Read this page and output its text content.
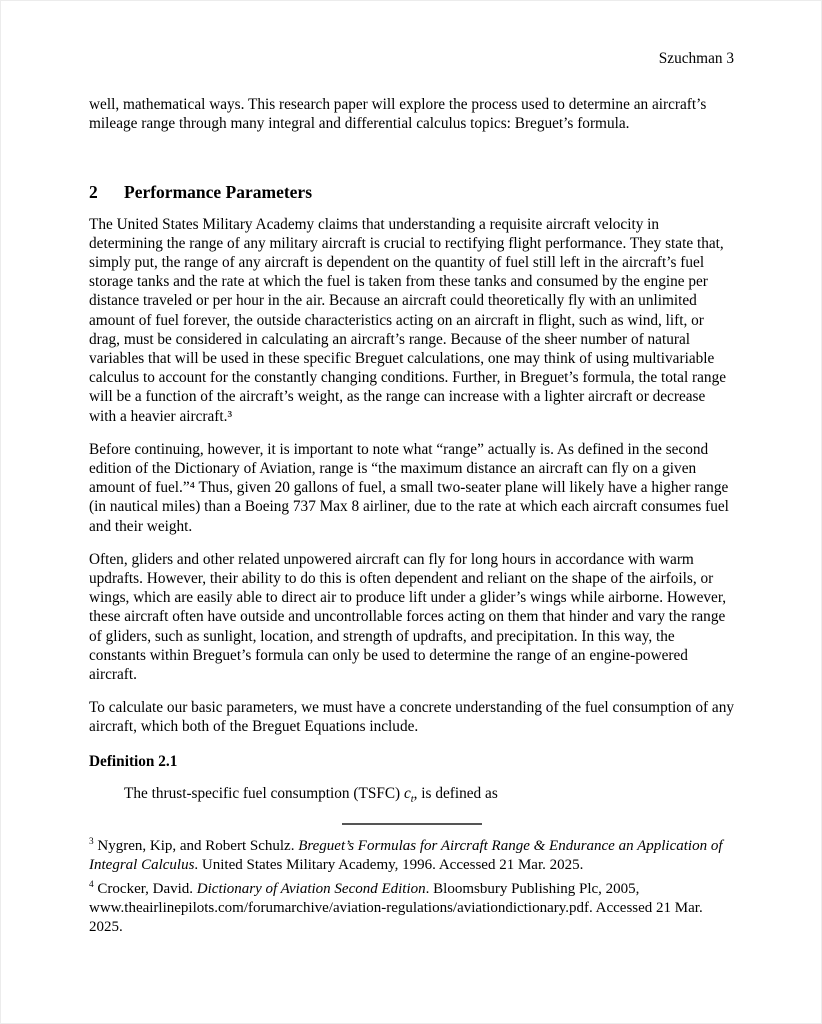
Szuchman 3

well, mathematical ways. This research paper will explore the process used to determine an aircraft’s mileage range through many integral and differential calculus topics: Breguet’s formula.

2	Performance Parameters

The United States Military Academy claims that understanding a requisite aircraft velocity in determining the range of any military aircraft is crucial to rectifying flight performance. They state that, simply put, the range of any aircraft is dependent on the quantity of fuel still left in the aircraft’s fuel storage tanks and the rate at which the fuel is taken from these tanks and consumed by the engine per distance traveled or per hour in the air. Because an aircraft could theoretically fly with an unlimited amount of fuel forever, the outside characteristics acting on an aircraft in flight, such as wind, lift, or drag, must be considered in calculating an aircraft’s range. Because of the sheer number of natural variables that will be used in these specific Breguet calculations, one may think of using multivariable calculus to account for the constantly changing conditions. Further, in Breguet’s formula, the total range will be a function of the aircraft’s weight, as the range can increase with a lighter aircraft or decrease with a heavier aircraft.³

Before continuing, however, it is important to note what “range” actually is. As defined in the second edition of the Dictionary of Aviation, range is “the maximum distance an aircraft can fly on a given amount of fuel.”⁴ Thus, given 20 gallons of fuel, a small two-seater plane will likely have a higher range (in nautical miles) than a Boeing 737 Max 8 airliner, due to the rate at which each aircraft consumes fuel and their weight.

Often, gliders and other related unpowered aircraft can fly for long hours in accordance with warm updrafts. However, their ability to do this is often dependent and reliant on the shape of the airfoils, or wings, which are easily able to direct air to produce lift under a glider’s wings while airborne. However, these aircraft often have outside and uncontrollable forces acting on them that hinder and vary the range of gliders, such as sunlight, location, and strength of updrafts, and precipitation. In this way, the constants within Breguet’s formula can only be used to determine the range of an engine-powered aircraft.

To calculate our basic parameters, we must have a concrete understanding of the fuel consumption of any aircraft, which both of the Breguet Equations include.

Definition 2.1

The thrust-specific fuel consumption (TSFC) $c_t$, is defined as

$^3$ Nygren, Kip, and Robert Schulz. Breguet’s Formulas for Aircraft Range & Endurance an Application of Integral Calculus. United States Military Academy, 1996. Accessed 21 Mar. 2025.

$^4$ Crocker, David. Dictionary of Aviation Second Edition. Bloomsbury Publishing Plc, 2005, www.theairlinepilots.com/forumarchive/aviation-regulations/aviationdictionary.pdf. Accessed 21 Mar. 2025.
